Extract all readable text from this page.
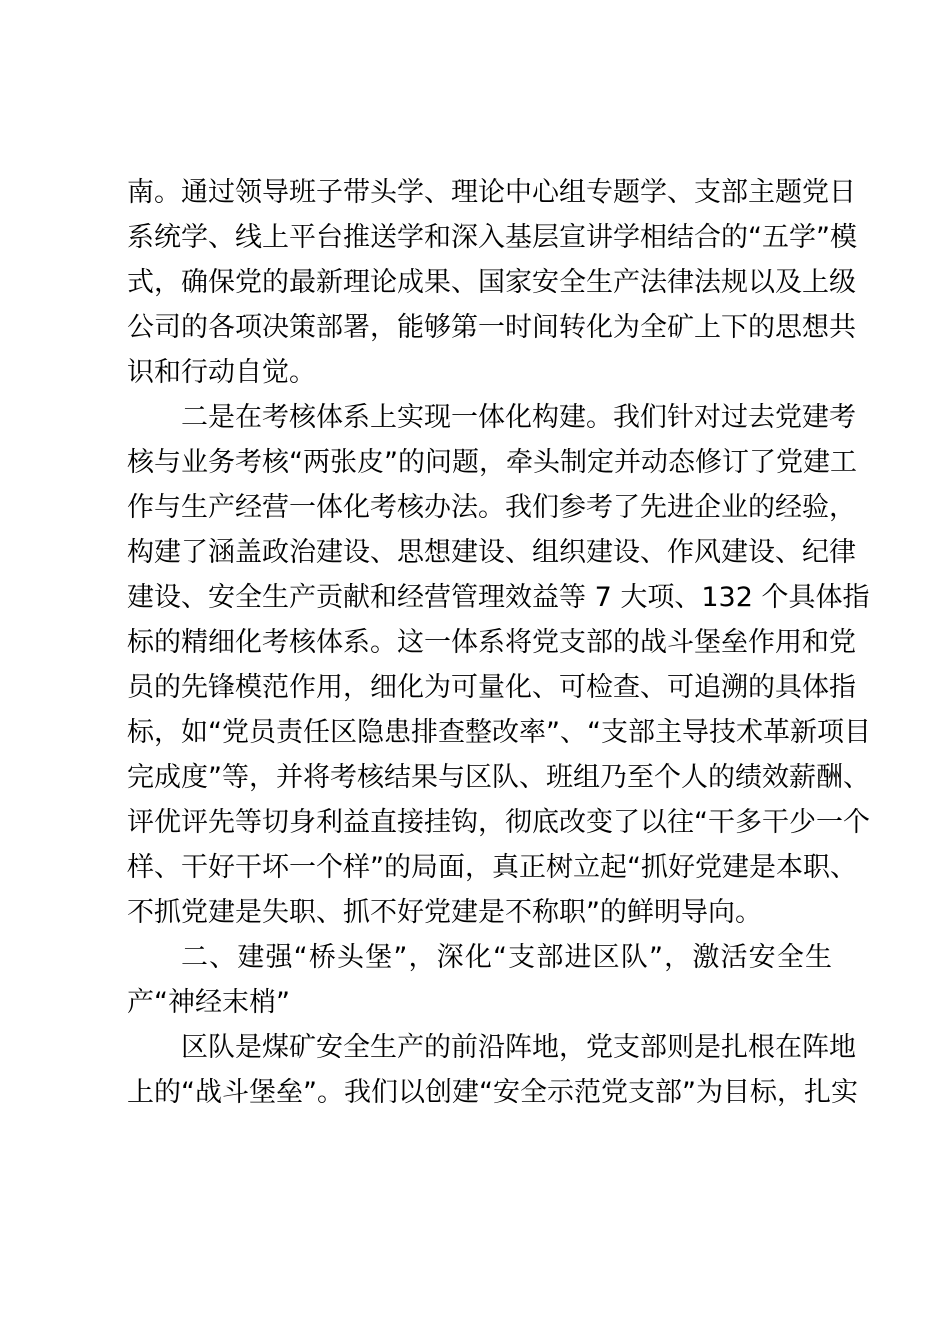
南。通过领导班子带头学、理论中心组专题学、支部主题党日
系统学、线上平台推送学和深入基层宣讲学相结合的“五学”模
式，确保党的最新理论成果、国家安全生产法律法规以及上级
公司的各项决策部署，能够第一时间转化为全矿上下的思想共
识和行动自觉。
二是在考核体系上实现一体化构建。我们针对过去党建考
核与业务考核“两张皮”的问题，牵头制定并动态修订了党建工
作与生产经营一体化考核办法。我们参考了先进企业的经验，
构建了涵盖政治建设、思想建设、组织建设、作风建设、纪律
建设、安全生产贡献和经营管理效益等 7 大项、132 个具体指
标的精细化考核体系。这一体系将党支部的战斗堡垒作用和党
员的先锋模范作用，细化为可量化、可检查、可追溯的具体指
标，如“党员责任区隐患排查整改率”、“支部主导技术革新项目
完成度”等，并将考核结果与区队、班组乃至个人的绩效薪酬、
评优评先等切身利益直接挂钩，彻底改变了以往“干多干少一个
样、干好干坏一个样”的局面，真正树立起“抓好党建是本职、
不抓党建是失职、抓不好党建是不称职”的鲜明导向。
二、建强“桥头堡”，深化“支部进区队”，激活安全生
产“神经末梢”
区队是煤矿安全生产的前沿阵地，党支部则是扎根在阵地
上的“战斗堡垒”。我们以创建“安全示范党支部”为目标，扎实
